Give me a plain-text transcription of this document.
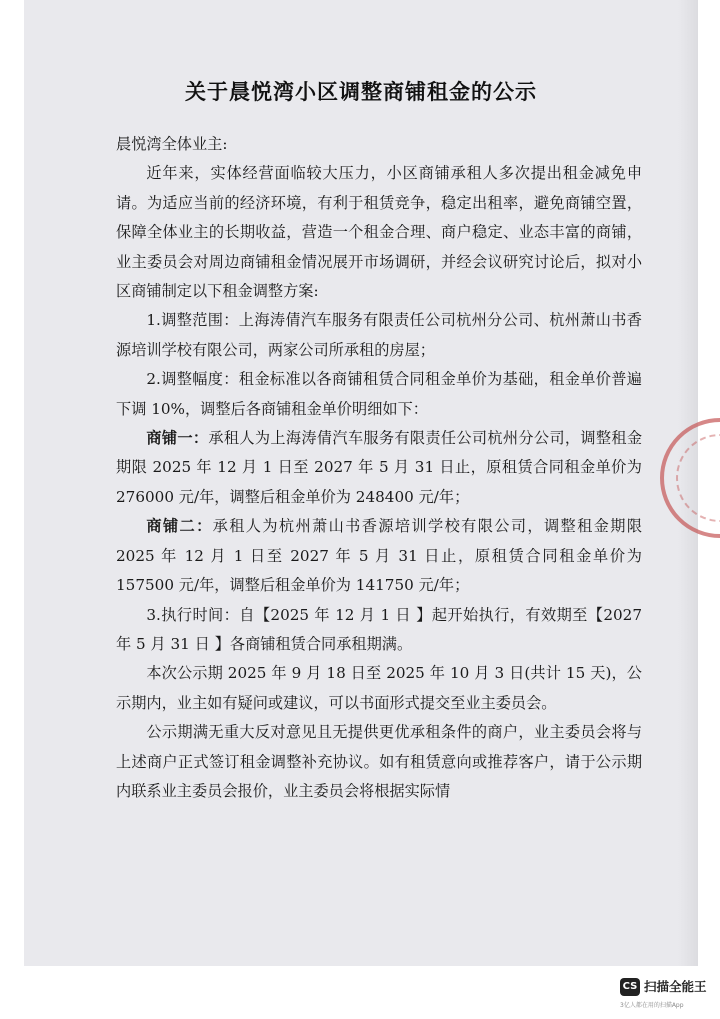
关于晨悦湾小区调整商铺租金的公示

晨悦湾全体业主:

近年来，实体经营面临较大压力，小区商铺承租人多次提出租金减免申请。为适应当前的经济环境，有利于租赁竞争，稳定出租率，避免商铺空置，保障全体业主的长期收益，营造一个租金合理、商户稳定、业态丰富的商铺，业主委员会对周边商铺租金情况展开市场调研，并经会议研究讨论后，拟对小区商铺制定以下租金调整方案:

1.调整范围：上海涛倩汽车服务有限责任公司杭州分公司、杭州萧山书香源培训学校有限公司，两家公司所承租的房屋；

2.调整幅度：租金标准以各商铺租赁合同租金单价为基础，租金单价普遍下调 10%，调整后各商铺租金单价明细如下：

商铺一：承租人为上海涛倩汽车服务有限责任公司杭州分公司，调整租金期限 2025 年 12 月 1 日至 2027 年 5 月 31 日止，原租赁合同租金单价为 276000 元/年，调整后租金单价为 248400 元/年；

商铺二：承租人为杭州萧山书香源培训学校有限公司，调整租金期限 2025 年 12 月 1 日至 2027 年 5 月 31 日止，原租赁合同租金单价为 157500 元/年，调整后租金单价为 141750 元/年；

3.执行时间：自【2025 年 12 月 1 日 】起开始执行，有效期至【2027 年 5 月 31 日 】各商铺租赁合同承租期满。

本次公示期 2025 年 9 月 18 日至 2025 年 10 月 3 日(共计 15 天)，公示期内，业主如有疑问或建议，可以书面形式提交至业主委员会。

公示期满无重大反对意见且无提供更优承租条件的商户，业主委员会将与上述商户正式签订租金调整补充协议。如有租赁意向或推荐客户，请于公示期内联系业主委员会报价，业主委员会将根据实际情

CS 扫描全能王
3亿人都在用的扫描App
